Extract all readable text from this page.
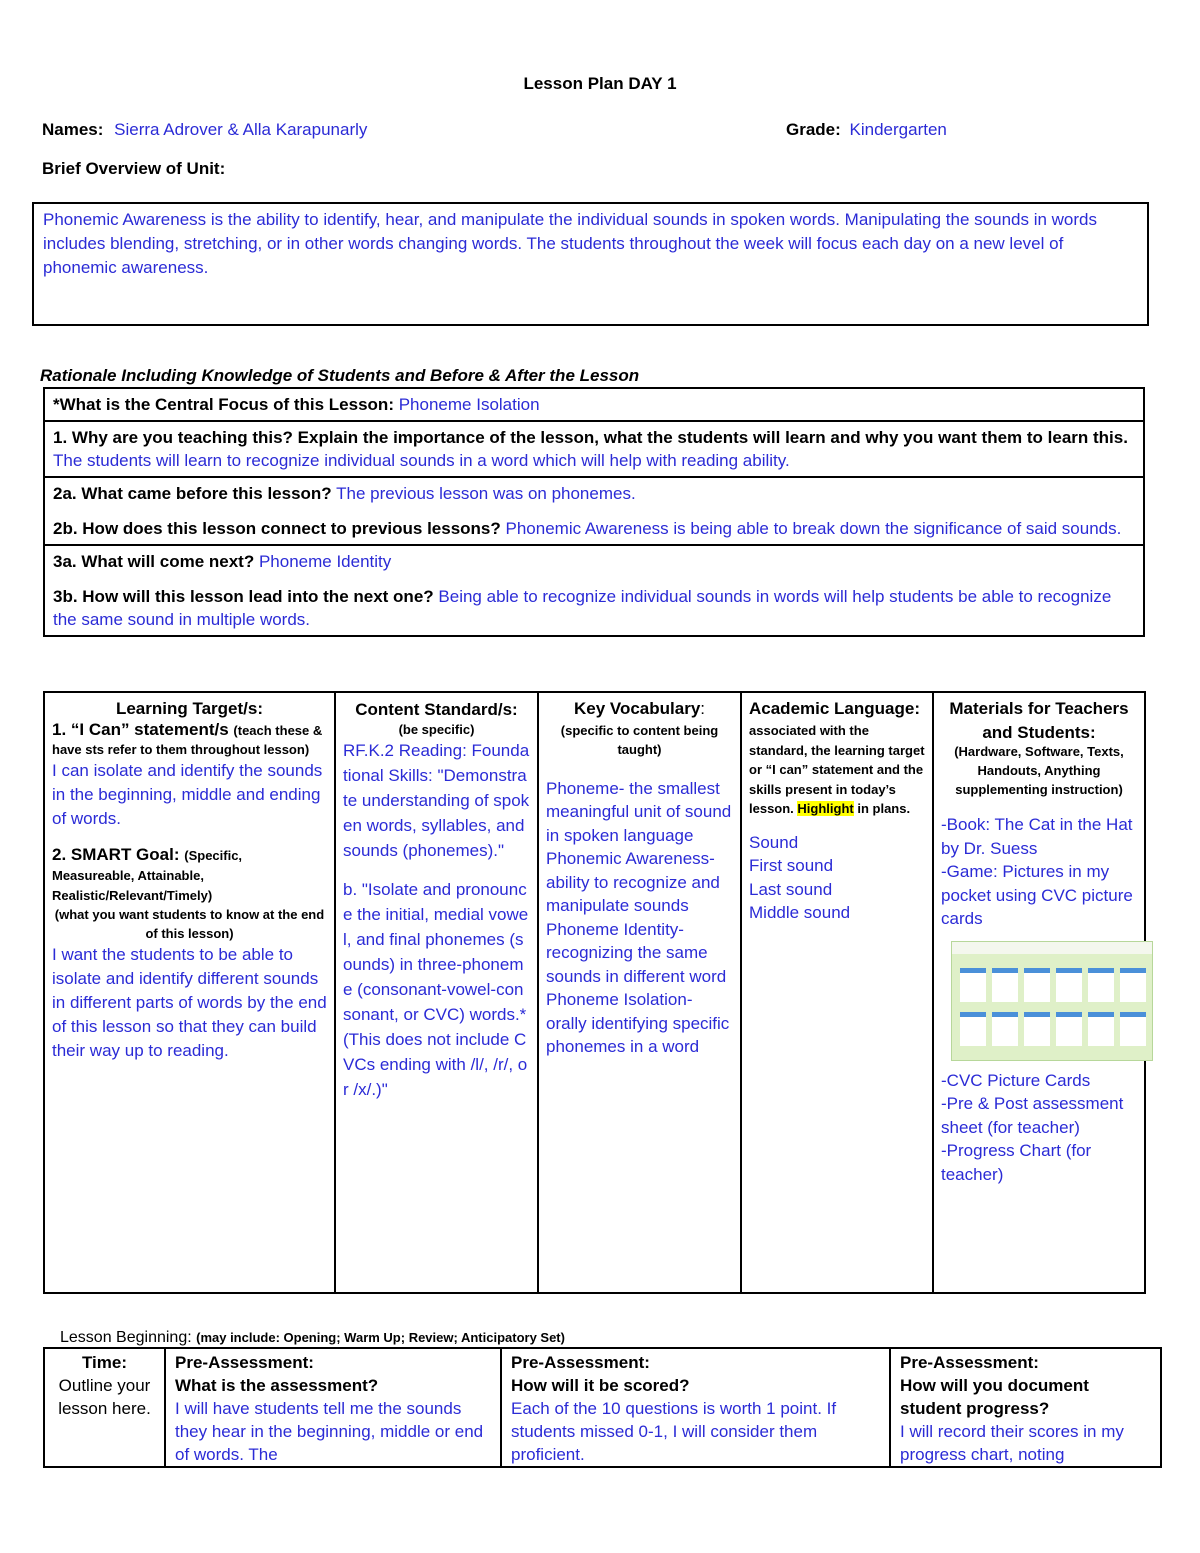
Lesson Plan DAY 1
Names: Sierra Adrover & Alla Karapunarly	Grade: Kindergarten
Brief Overview of Unit:
Phonemic Awareness is the ability to identify, hear, and manipulate the individual sounds in spoken words. Manipulating the sounds in words includes blending, stretching, or in other words changing words. The students throughout the week will focus each day on a new level of phonemic awareness.
Rationale Including Knowledge of Students and Before & After the Lesson
*What is the Central Focus of this Lesson: Phoneme Isolation
1. Why are you teaching this? Explain the importance of the lesson, what the students will learn and why you want them to learn this. The students will learn to recognize individual sounds in a word which will help with reading ability.

2a. What came before this lesson? The previous lesson was on phonemes.

2b. How does this lesson connect to previous lessons? Phonemic Awareness is being able to break down the significance of said sounds.

3a. What will come next? Phoneme Identity

3b. How will this lesson lead into the next one? Being able to recognize individual sounds in words will help students be able to recognize the same sound in multiple words.

Learning Target/s:
1. “I Can” statement/s (teach these & have sts refer to them throughout lesson)
I can isolate and identify the sounds in the beginning, middle and ending of words.
2. SMART Goal: (Specific, Measureable, Attainable, Realistic/Relevant/Timely)
(what you want students to know at the end of this lesson)
I want the students to be able to isolate and identify different sounds in different parts of words by the end of this lesson so that they can build their way up to reading.
Content Standard/s:
(be specific)
RF.K.2 Reading: Foundational Skills: "Demonstrate understanding of spoken words, syllables, and sounds (phonemes)."
b. "Isolate and pronounce the initial, medial vowel, and final phonemes (sounds) in three-phoneme (consonant-vowel-consonant, or CVC) words.* (This does not include CVCs ending with /l/, /r/, or /x/.)"
Key Vocabulary:
(specific to content being taught)
Phoneme- the smallest meaningful unit of sound in spoken language Phonemic Awareness- ability to recognize and manipulate sounds Phoneme Identity- recognizing the same sounds in different word Phoneme Isolation- orally identifying specific phonemes in a word
Academic Language:
associated with the standard, the learning target or “I can” statement and the skills present in today’s lesson. Highlight in plans.
Sound
First sound
Last sound
Middle sound
Materials for Teachers and Students:
(Hardware, Software, Texts, Handouts, Anything supplementing instruction)
-Book: The Cat in the Hat by Dr. Suess
-Game: Pictures in my pocket using CVC picture cards
-CVC Picture Cards
-Pre & Post assessment sheet (for teacher)
-Progress Chart (for teacher)
Lesson Beginning: (may include: Opening; Warm Up; Review; Anticipatory Set)
Time:
Outline your lesson here.
Pre-Assessment:
What is the assessment?
I will have students tell me the sounds they hear in the beginning, middle or end of words. The
Pre-Assessment:
How will it be scored?
Each of the 10 questions is worth 1 point. If students missed 0-1, I will consider them proficient.
Pre-Assessment:
How will you document student progress?
I will record their scores in my progress chart, noting
